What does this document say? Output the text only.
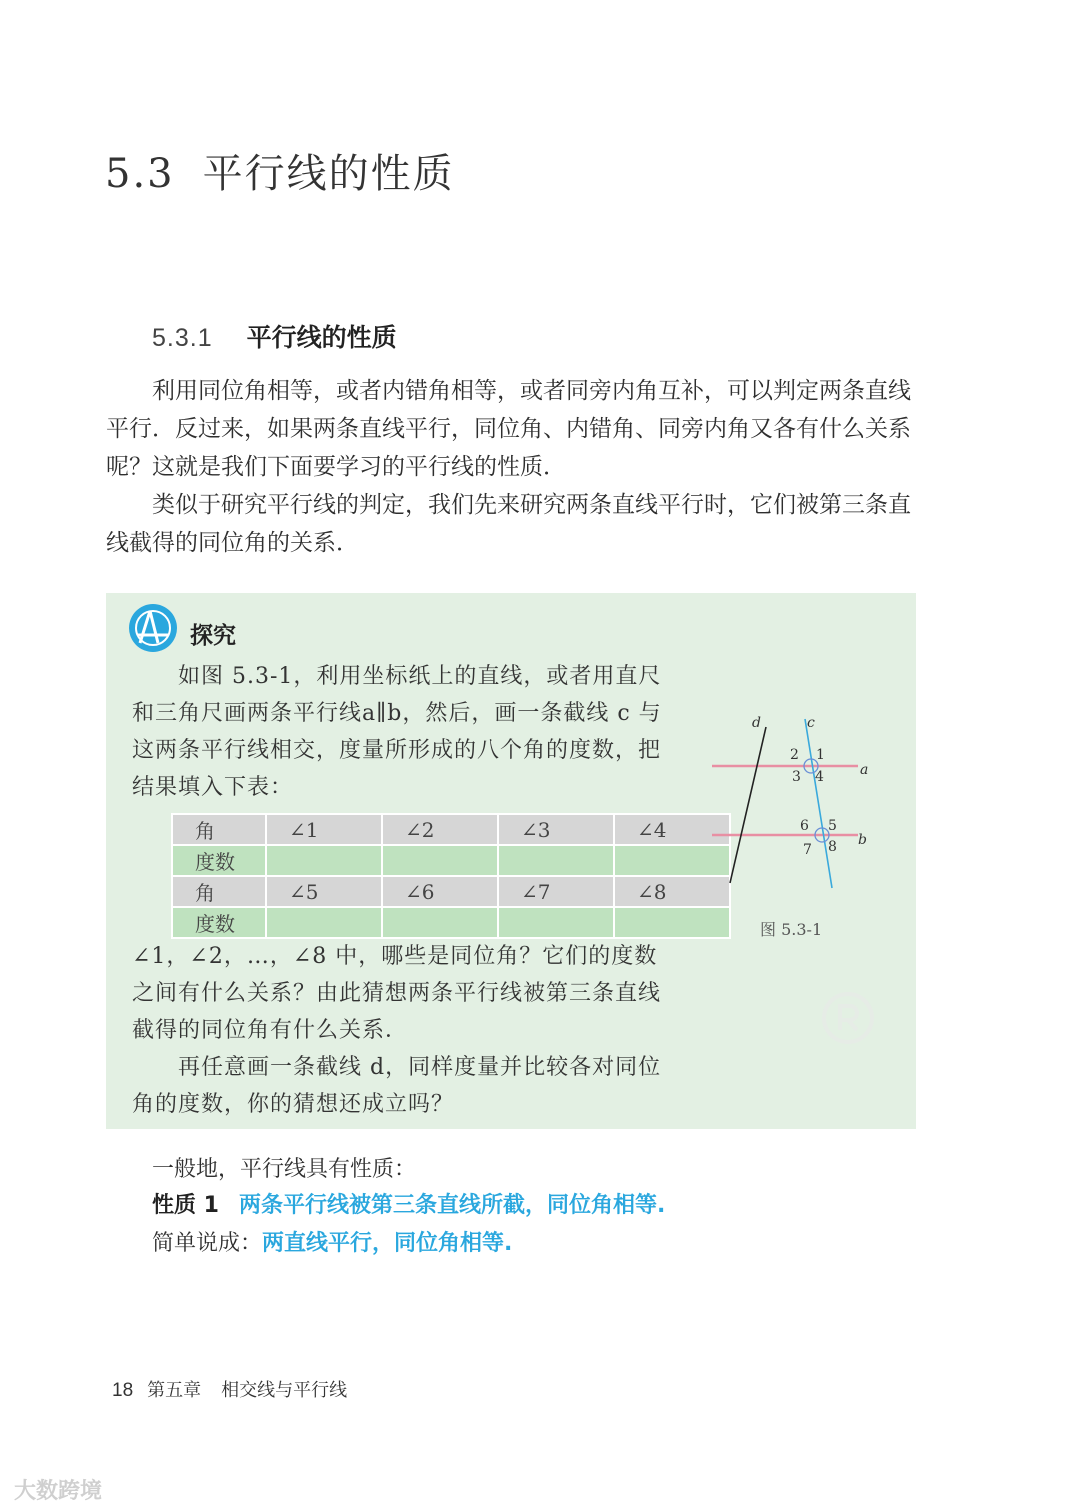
5.3 平行线的性质
5.3.1 平行线的性质

利用同位角相等，或者内错角相等，或者同旁内角互补，可以判定两条直线平行．反过来，如果两条直线平行，同位角、内错角、同旁内角又各有什么关系呢？这就是我们下面要学习的平行线的性质．

类似于研究平行线的判定，我们先来研究两条直线平行时，它们被第三条直线截得的同位角的关系．

探究

如图 5.3-1，利用坐标纸上的直线，或者用直尺和三角尺画两条平行线a∥b，然后，画一条截线 c 与这两条平行线相交，度量所形成的八个角的度数，把结果填入下表：

角	∠1	∠2	∠3	∠4
度数				
角	∠5	∠6	∠7	∠8
度数				

∠1，∠2，…，∠8 中，哪些是同位角？它们的度数之间有什么关系？由此猜想两条平行线被第三条直线截得的同位角有什么关系．

再任意画一条截线 d，同样度量并比较各对同位角的度数，你的猜想还成立吗？

d	c
a
b
2 1
3 4
6 5
7 8
图 5.3-1
一般地，平行线具有性质：
性质 1 两条平行线被第三条直线所截，同位角相等.
简单说成：两直线平行，同位角相等.
18 第五章 相交线与平行线
大数跨境
